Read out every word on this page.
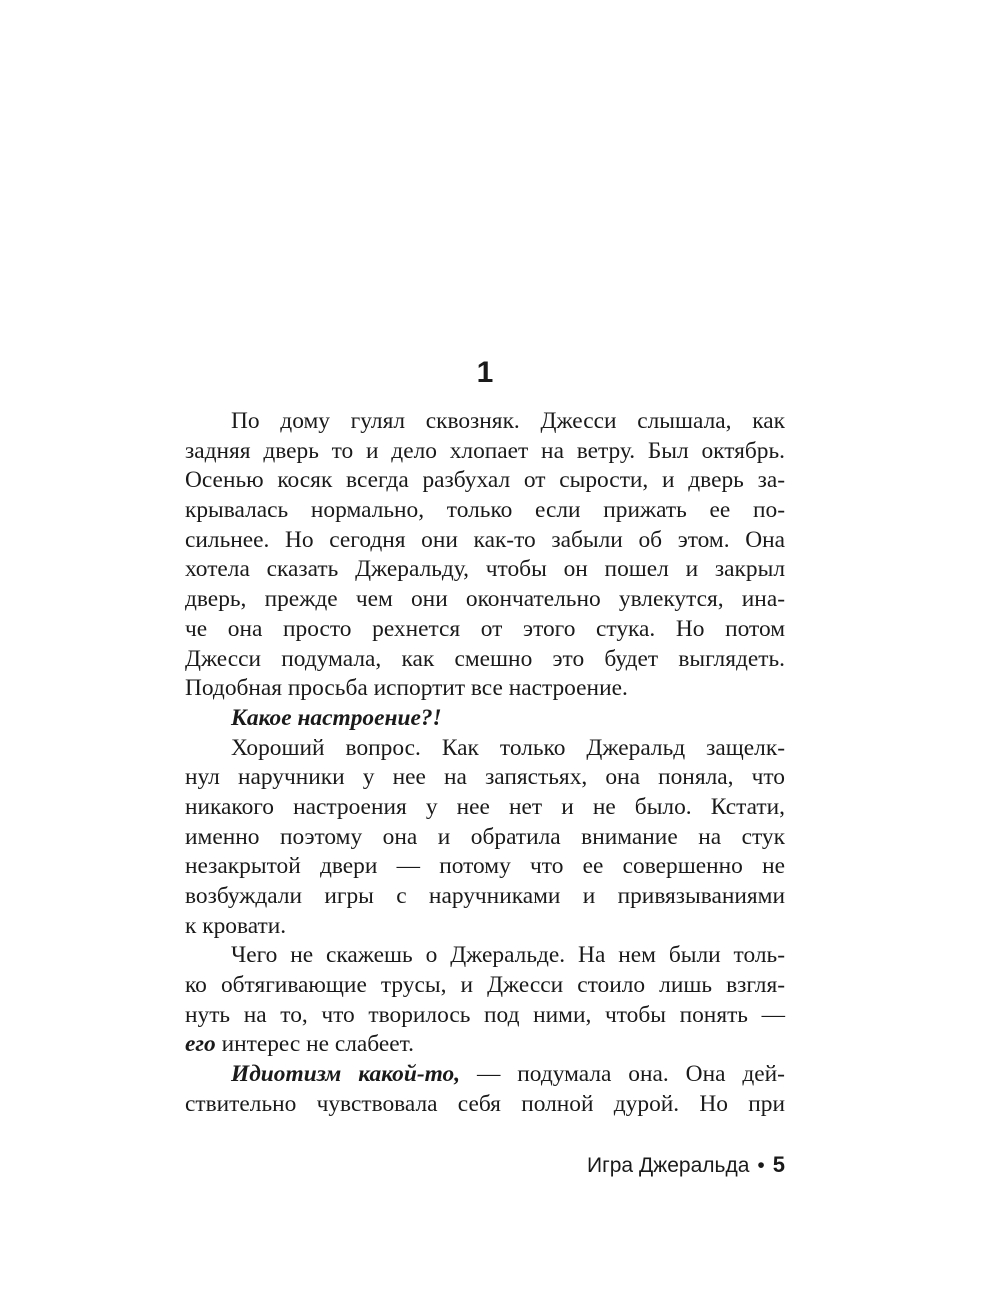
1
По дому гулял сквозняк. Джесси слышала, как
задняя дверь то и дело хлопает на ветру. Был октябрь.
Осенью косяк всегда разбухал от сырости, и дверь за-
крывалась нормально, только если прижать ее по-
сильнее. Но сегодня они как-то забыли об этом. Она
хотела сказать Джеральду, чтобы он пошел и закрыл
дверь, прежде чем они окончательно увлекутся, ина-
че она просто рехнется от этого стука. Но потом
Джесси подумала, как смешно это будет выглядеть.
Подобная просьба испортит все настроение.
Какое настроение?!
Хороший вопрос. Как только Джеральд защелк-
нул наручники у нее на запястьях, она поняла, что
никакого настроения у нее нет и не было. Кстати,
именно поэтому она и обратила внимание на стук
незакрытой двери — потому что ее совершенно не
возбуждали игры с наручниками и привязываниями
к кровати.
Чего не скажешь о Джеральде. На нем были толь-
ко обтягивающие трусы, и Джесси стоило лишь взгля-
нуть на то, что творилось под ними, чтобы понять —
его интерес не слабеет.
Идиотизм какой-то, — подумала она. Она дей-
ствительно чувствовала себя полной дурой. Но при
Игра Джеральда • 5
